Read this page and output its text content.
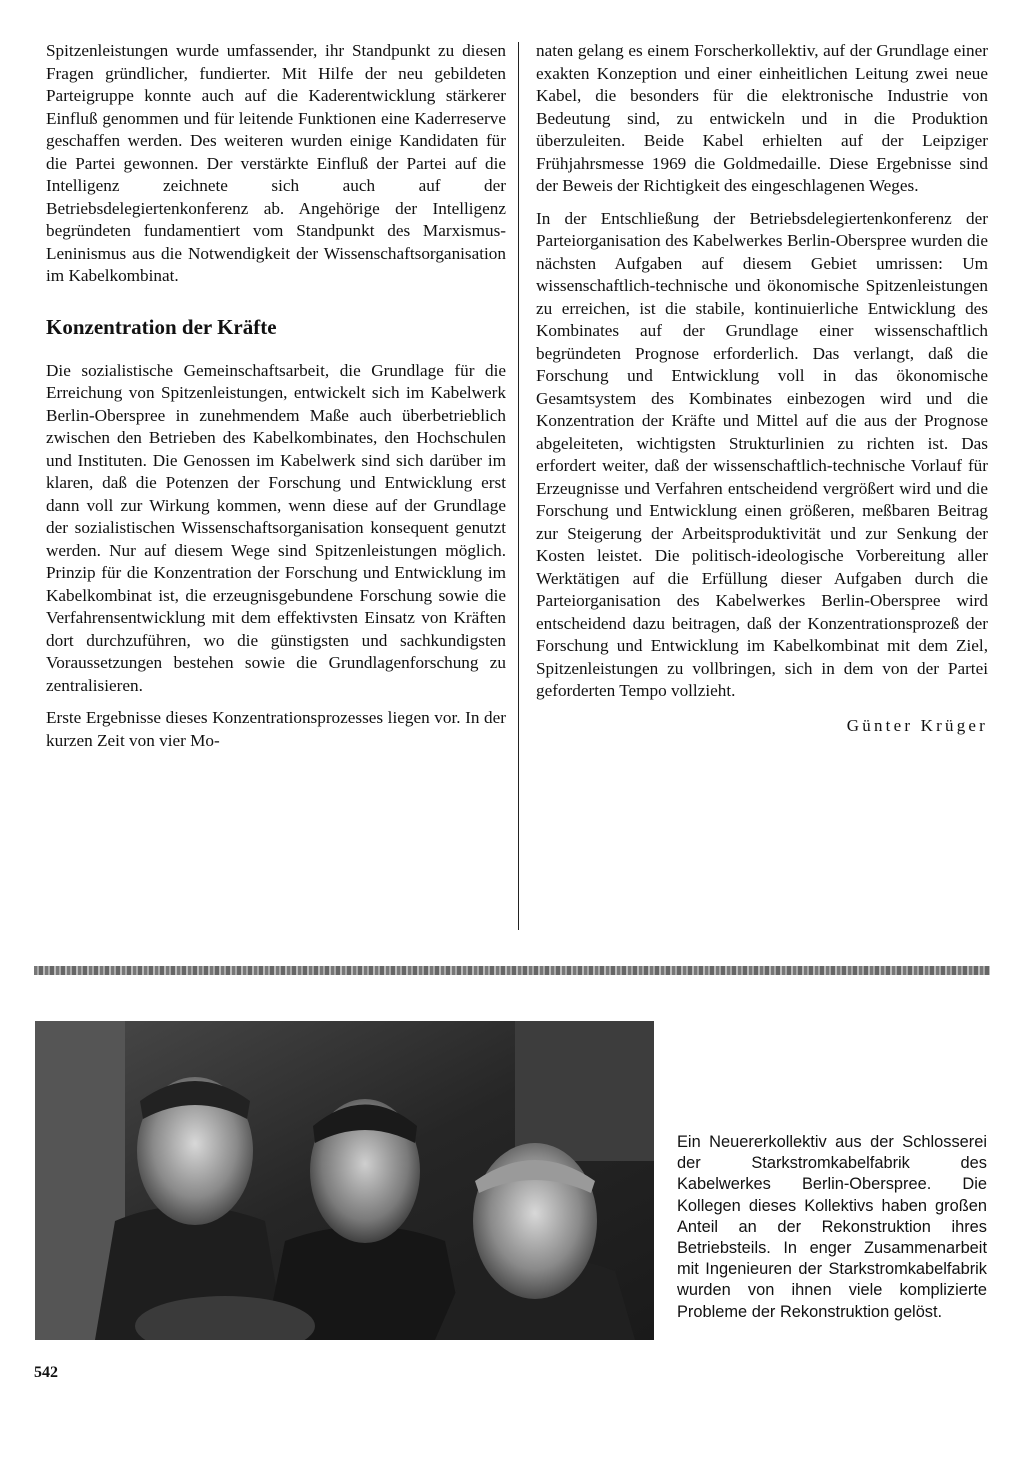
Spitzenleistungen wurde umfassender, ihr Standpunkt zu diesen Fragen gründlicher, fundierter. Mit Hilfe der neu gebildeten Parteigruppe konnte auch auf die Kaderentwicklung stärkerer Einfluß genommen und für leitende Funktionen eine Kaderreserve geschaffen werden. Des weiteren wurden einige Kandidaten für die Partei gewonnen. Der verstärkte Einfluß der Partei auf die Intelligenz zeichnete sich auch auf der Betriebsdelegiertenkonferenz ab. Angehörige der Intelligenz begründeten fundamentiert vom Standpunkt des Marxismus-Leninismus aus die Notwendigkeit der Wissenschaftsorganisation im Kabelkombinat.

Konzentration der Kräfte

Die sozialistische Gemeinschaftsarbeit, die Grundlage für die Erreichung von Spitzenleistungen, entwickelt sich im Kabelwerk Berlin-Oberspree in zunehmendem Maße auch überbetrieblich zwischen den Betrieben des Kabelkombinates, den Hochschulen und Instituten. Die Genossen im Kabelwerk sind sich darüber im klaren, daß die Potenzen der Forschung und Entwicklung erst dann voll zur Wirkung kommen, wenn diese auf der Grundlage der sozialistischen Wissenschaftsorganisation konsequent genutzt werden. Nur auf diesem Wege sind Spitzenleistungen möglich. Prinzip für die Konzentration der Forschung und Entwicklung im Kabelkombinat ist, die erzeugnisgebundene Forschung sowie die Verfahrensentwicklung mit dem effektivsten Einsatz von Kräften dort durchzuführen, wo die günstigsten und sachkundigsten Voraussetzungen bestehen sowie die Grundlagenforschung zu zentralisieren.

Erste Ergebnisse dieses Konzentrationsprozesses liegen vor. In der kurzen Zeit von vier Mo-

naten gelang es einem Forscherkollektiv, auf der Grundlage einer exakten Konzeption und einer einheitlichen Leitung zwei neue Kabel, die besonders für die elektronische Industrie von Bedeutung sind, zu entwickeln und in die Produktion überzuleiten. Beide Kabel erhielten auf der Leipziger Frühjahrsmesse 1969 die Goldmedaille. Diese Ergebnisse sind der Beweis der Richtigkeit des eingeschlagenen Weges.

In der Entschließung der Betriebsdelegiertenkonferenz der Parteiorganisation des Kabelwerkes Berlin-Oberspree wurden die nächsten Aufgaben auf diesem Gebiet umrissen: Um wissenschaftlich-technische und ökonomische Spitzenleistungen zu erreichen, ist die stabile, kontinuierliche Entwicklung des Kombinates auf der Grundlage einer wissenschaftlich begründeten Prognose erforderlich. Das verlangt, daß die Forschung und Entwicklung voll in das ökonomische Gesamtsystem des Kombinates einbezogen wird und die Konzentration der Kräfte und Mittel auf die aus der Prognose abgeleiteten, wichtigsten Strukturlinien zu richten ist. Das erfordert weiter, daß der wissenschaftlich-technische Vorlauf für Erzeugnisse und Verfahren entscheidend vergrößert wird und die Forschung und Entwicklung einen größeren, meßbaren Beitrag zur Steigerung der Arbeitsproduktivität und zur Senkung der Kosten leistet. Die politisch-ideologische Vorbereitung aller Werktätigen auf die Erfüllung dieser Aufgaben durch die Parteiorganisation des Kabelwerkes Berlin-Oberspree wird entscheidend dazu beitragen, daß der Konzentrationsprozeß der Forschung und Entwicklung im Kabelkombinat mit dem Ziel, Spitzenleistungen zu vollbringen, sich in dem von der Partei geforderten Tempo vollzieht.

Günter Krüger
Ein Neuererkollektiv aus der Schlosserei der Starkstromkabelfabrik des Kabelwerkes Berlin-Oberspree. Die Kollegen dieses Kollektivs haben großen Anteil an der Rekonstruktion ihres Betriebsteils. In enger Zusammenarbeit mit Ingenieuren der Starkstromkabelfabrik wurden von ihnen viele komplizierte Probleme der Rekonstruktion gelöst.
542
